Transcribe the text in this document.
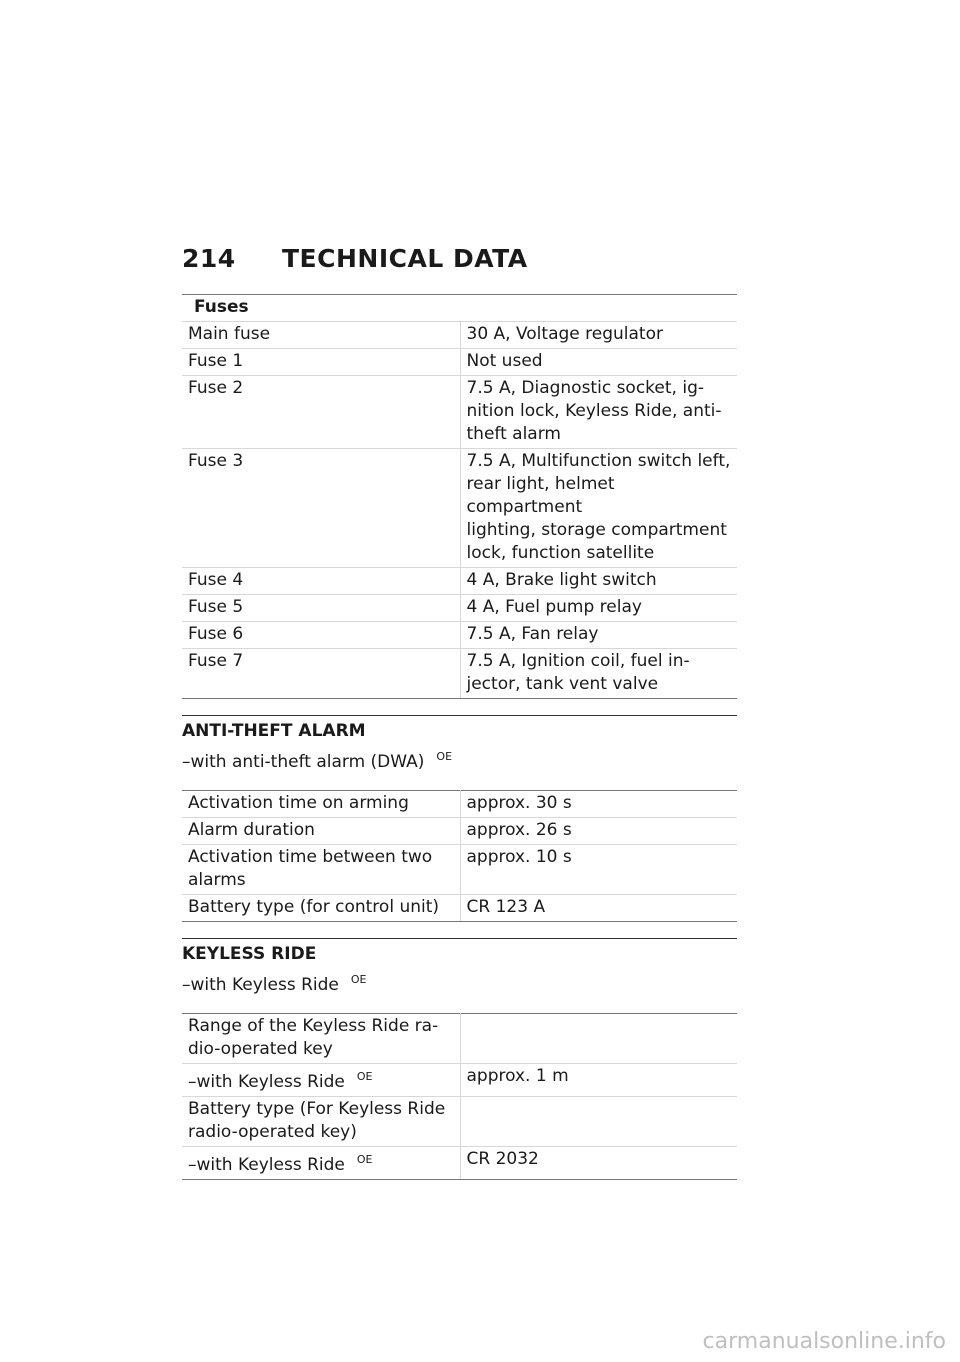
214 TECHNICAL DATA
Fuses	
Main fuse	30 A, Voltage regulator
Fuse 1	Not used
Fuse 2	7.5 A, Diagnostic socket, ig-
nition lock, Keyless Ride, anti-
theft alarm
Fuse 3	7.5 A, Multifunction switch left,
rear light, helmet compartment
lighting, storage compartment
lock, function satellite
Fuse 4	4 A, Brake light switch
Fuse 5	4 A, Fuel pump relay
Fuse 6	7.5 A, Fan relay
Fuse 7	7.5 A, Ignition coil, fuel in-
jector, tank vent valve
ANTI-THEFT ALARM
–with anti-theft alarm (DWA) $^{OE}$
Activation time on arming	approx. 30 s
Alarm duration	approx. 26 s
Activation time between two
alarms	approx. 10 s
Battery type (for control unit)	CR 123 A
KEYLESS RIDE
–with Keyless Ride $^{OE}$
Range of the Keyless Ride ra-
dio-operated key	
–with Keyless Ride $^{OE}$	approx. 1 m
Battery type (For Keyless Ride
radio-operated key)	
–with Keyless Ride $^{OE}$	CR 2032
carmanualsonline.info
